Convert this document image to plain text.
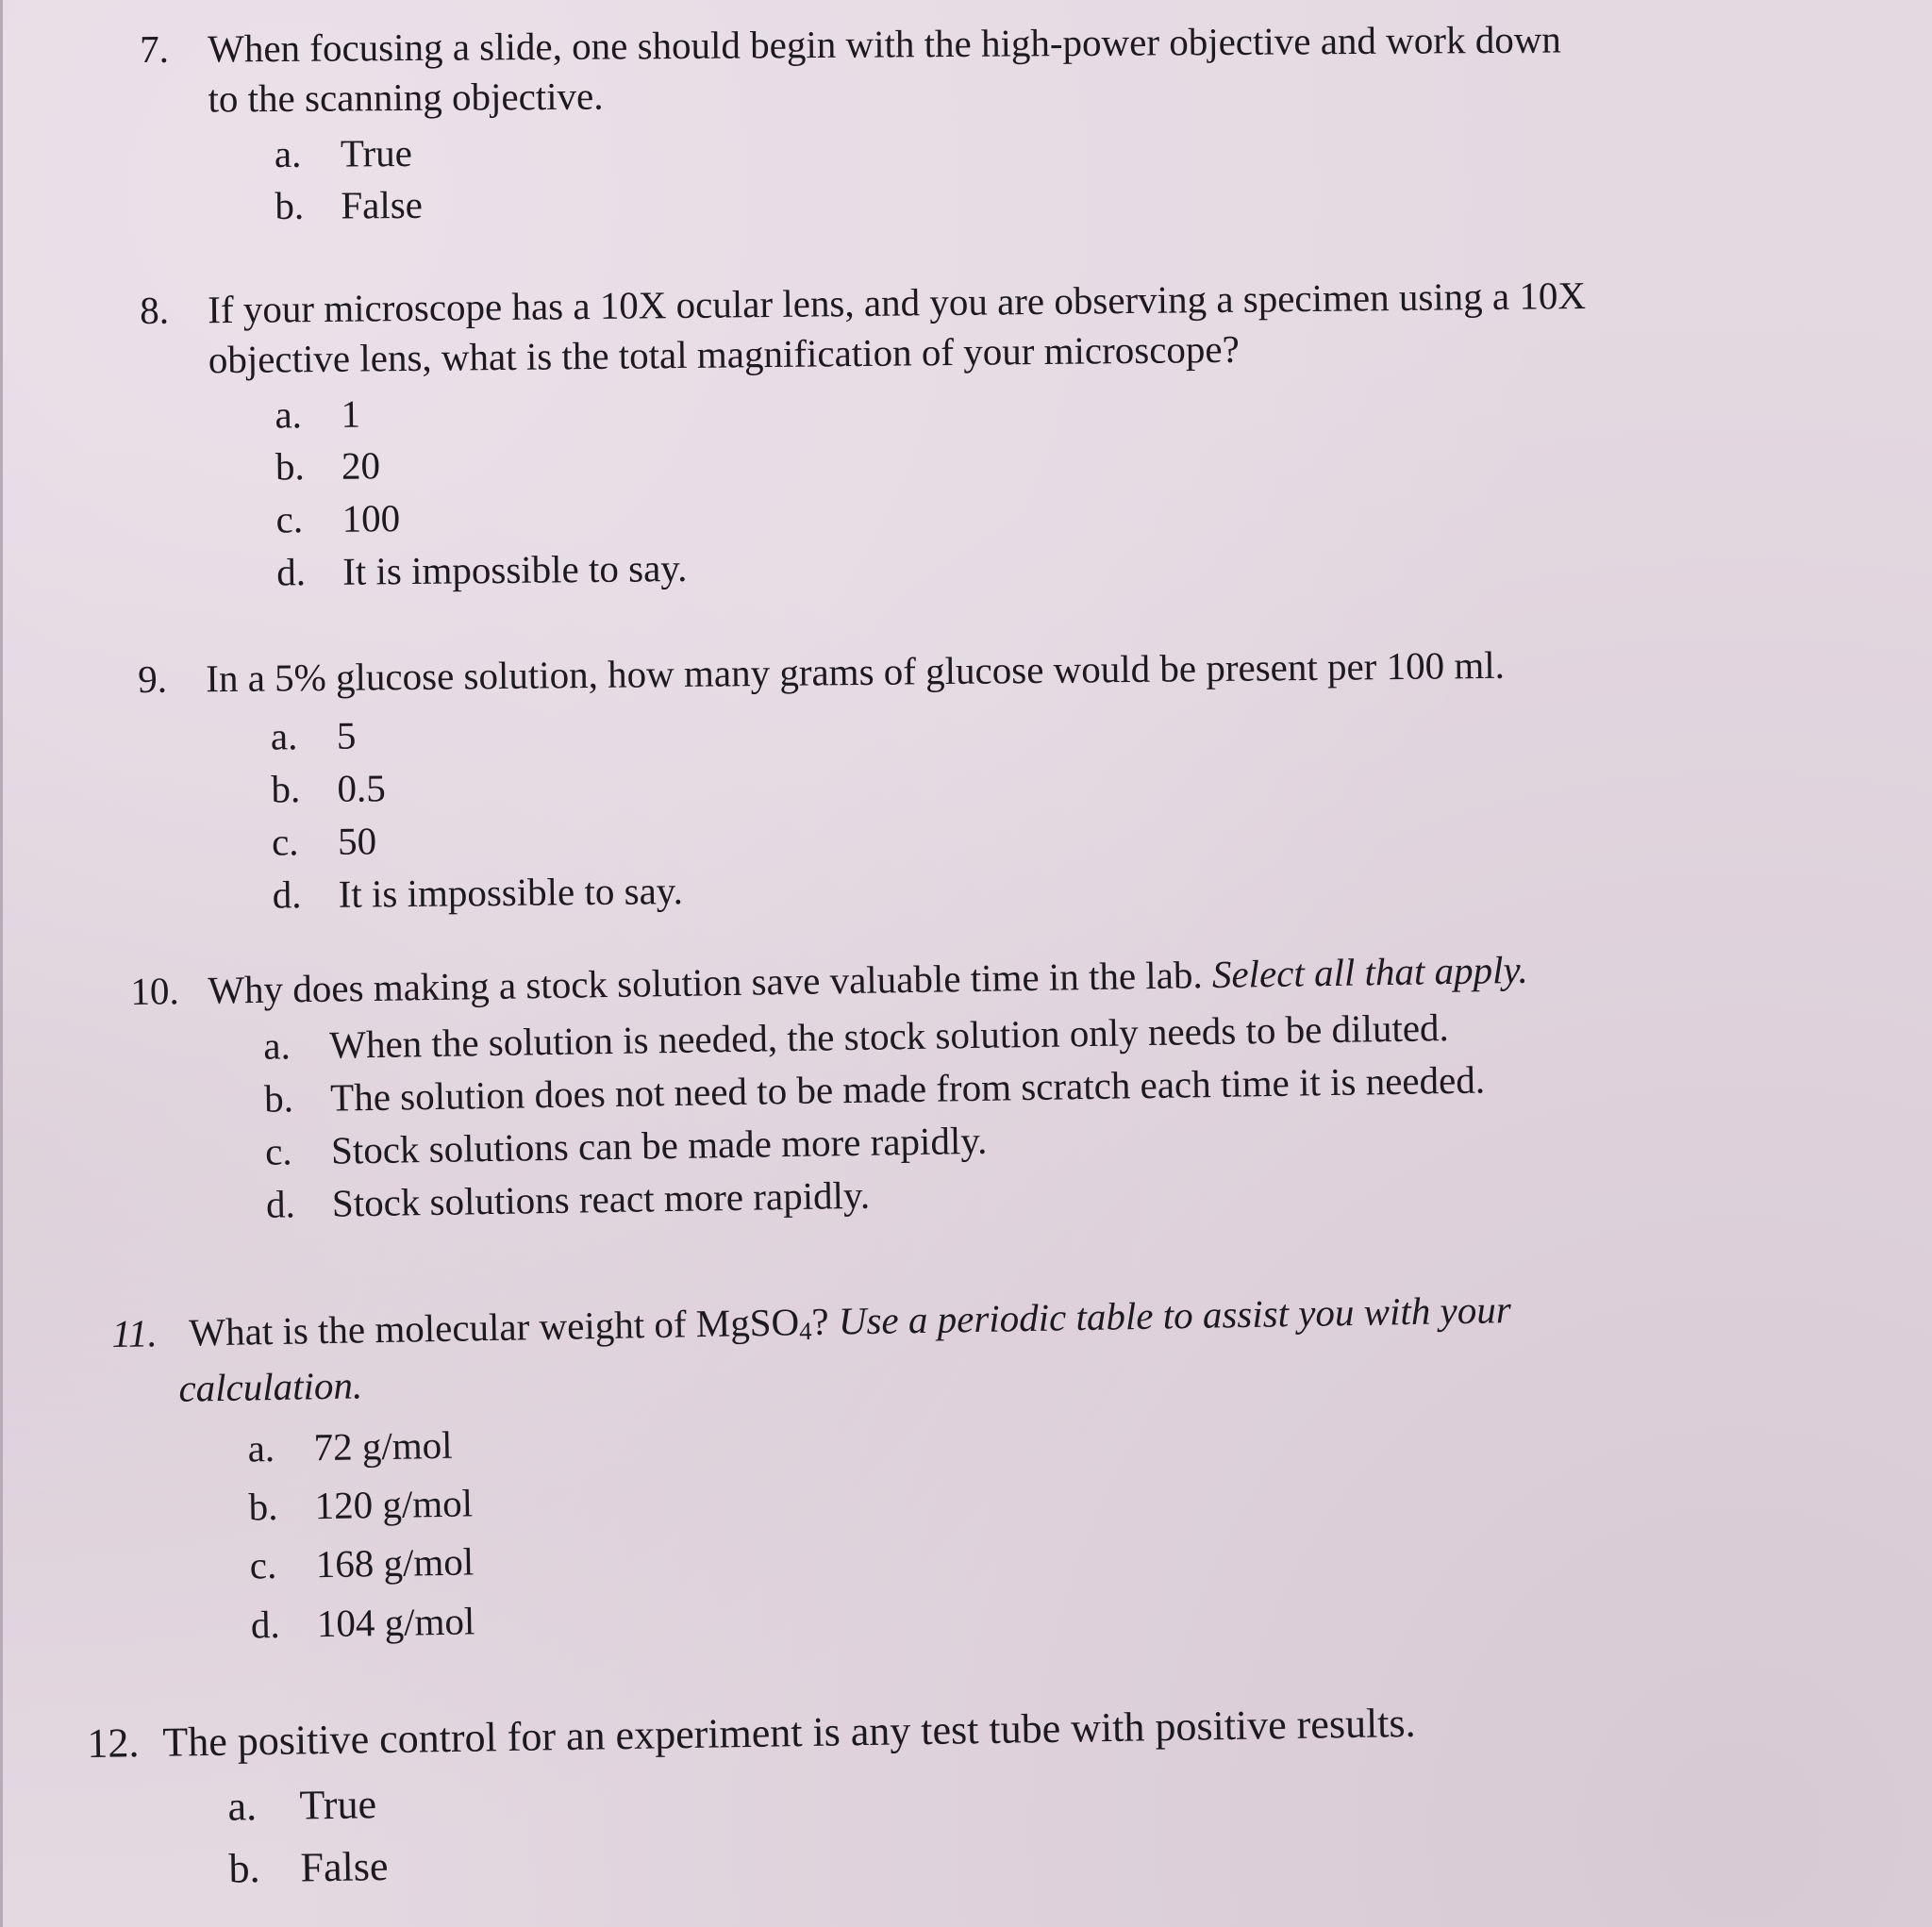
7. When focusing a slide, one should begin with the high-power objective and work down
to the scanning objective.
a.	True
b. False
8. If your microscope has a 10X ocular lens, and you are observing a specimen using a 10X
objective lens, what is the total magnification of your microscope?
a.	1
b. 20
c.	100
d. It is impossible to say.
9. In a 5% glucose solution, how many grams of glucose would be present per 100 ml.
a.	5
b. 0.5
c.	50
d. It is impossible to say.
10. Why does making a stock solution save valuable time in the lab. Select all that apply.
a. When the solution is needed, the stock solution only needs to be diluted.
b. The solution does not need to be made from scratch each time it is needed.
c. Stock solutions can be made more rapidly.
d. Stock solutions react more rapidly.
11. What is the molecular weight of MgSO4? Use a periodic table to assist you with your
calculation.
a. 72 g/mol
b. 120 g/mol
c. 168 g/mol
d. 104 g/mol
12. The positive control for an experiment is any test tube with positive results.
a.	True
b. False
